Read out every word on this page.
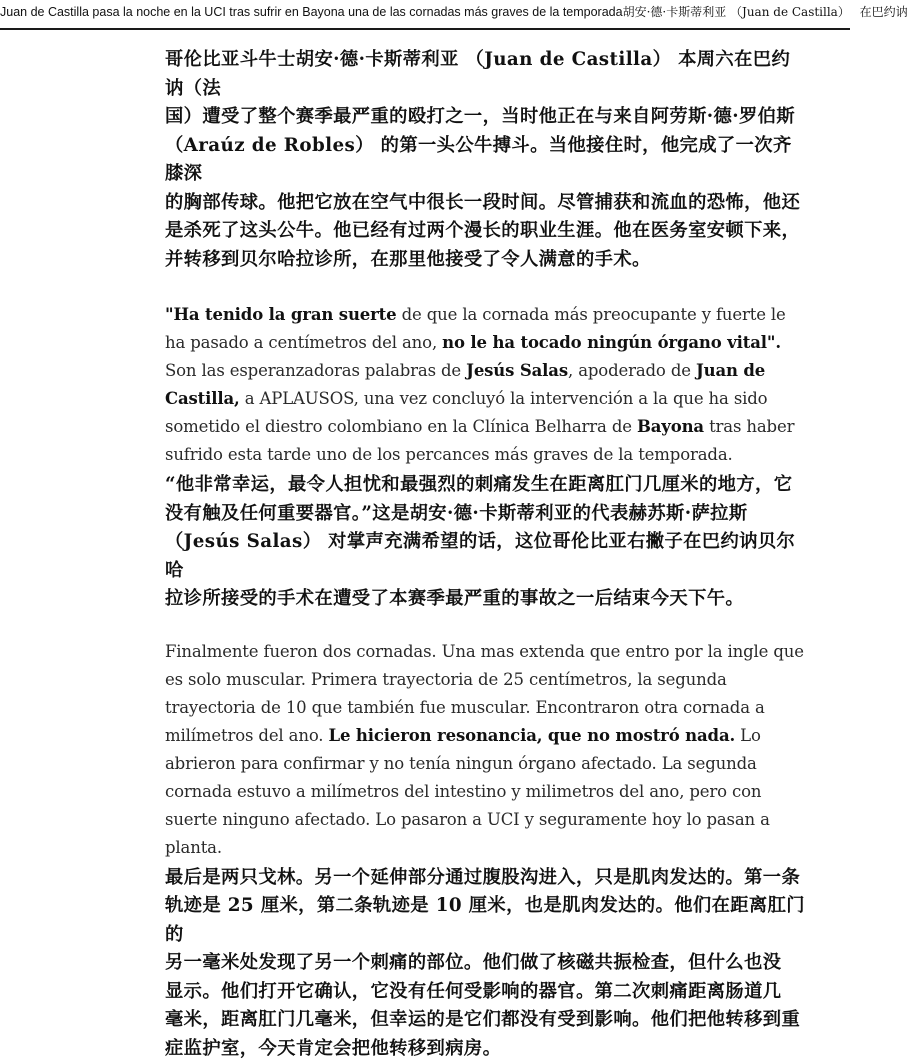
Juan de Castilla pasa la noche en la UCI tras sufrir en Bayona una de las cornadas más graves de la temporada胡安·德·卡斯蒂利亚 （Juan de Castilla） 在巴约讷
哥伦比亚斗牛士胡安·德·卡斯蒂利亚 （Juan de Castilla） 本周六在巴约讷（法
国）遭受了整个赛季最严重的殴打之一，当时他正在与来自阿劳斯·德·罗伯斯
（Araúz de Robles） 的第一头公牛搏斗。当他接住时，他完成了一次齐膝深
的胸部传球。他把它放在空气中很长一段时间。尽管捕获和流血的恐怖，他还
是杀死了这头公牛。他已经有过两个漫长的职业生涯。他在医务室安顿下来，
并转移到贝尔哈拉诊所，在那里他接受了令人满意的手术。

"Ha tenido la gran suerte de que la cornada más preocupante y fuerte le ha pasado a centímetros del ano, no le ha tocado ningún órgano vital". Son las esperanzadoras palabras de Jesús Salas, apoderado de Juan de Castilla, a APLAUSOS, una vez concluyó la intervención a la que ha sido sometido el diestro colombiano en la Clínica Belharra de Bayona tras haber sufrido esta tarde uno de los percances más graves de la temporada.

“他非常幸运，最令人担忧和最强烈的刺痛发生在距离肛门几厘米的地方，它
没有触及任何重要器官。”这是胡安·德·卡斯蒂利亚的代表赫苏斯·萨拉斯
（Jesús Salas） 对掌声充满希望的话，这位哥伦比亚右撇子在巴约讷贝尔哈
拉诊所接受的手术在遭受了本赛季最严重的事故之一后结束今天下午。

Finalmente fueron dos cornadas. Una mas extenda que entro por la ingle que es solo muscular. Primera trayectoria de 25 centímetros, la segunda trayectoria de 10 que también fue muscular. Encontraron otra cornada a milímetros del ano. Le hicieron resonancia, que no mostró nada. Lo abrieron para confirmar y no tenía ningun órgano afectado. La segunda cornada estuvo a milímetros del intestino y milimetros del ano, pero con suerte ninguno afectado. Lo pasaron a UCI y seguramente hoy lo pasan a planta.

最后是两只戈林。另一个延伸部分通过腹股沟进入，只是肌肉发达的。第一条
轨迹是 25 厘米，第二条轨迹是 10 厘米，也是肌肉发达的。他们在距离肛门的
另一毫米处发现了另一个刺痛的部位。他们做了核磁共振检查，但什么也没
显示。他们打开它确认，它没有任何受影响的器官。第二次刺痛距离肠道几
毫米，距离肛门几毫米，但幸运的是它们都没有受到影响。他们把他转移到重
症监护室，今天肯定会把他转移到病房。
